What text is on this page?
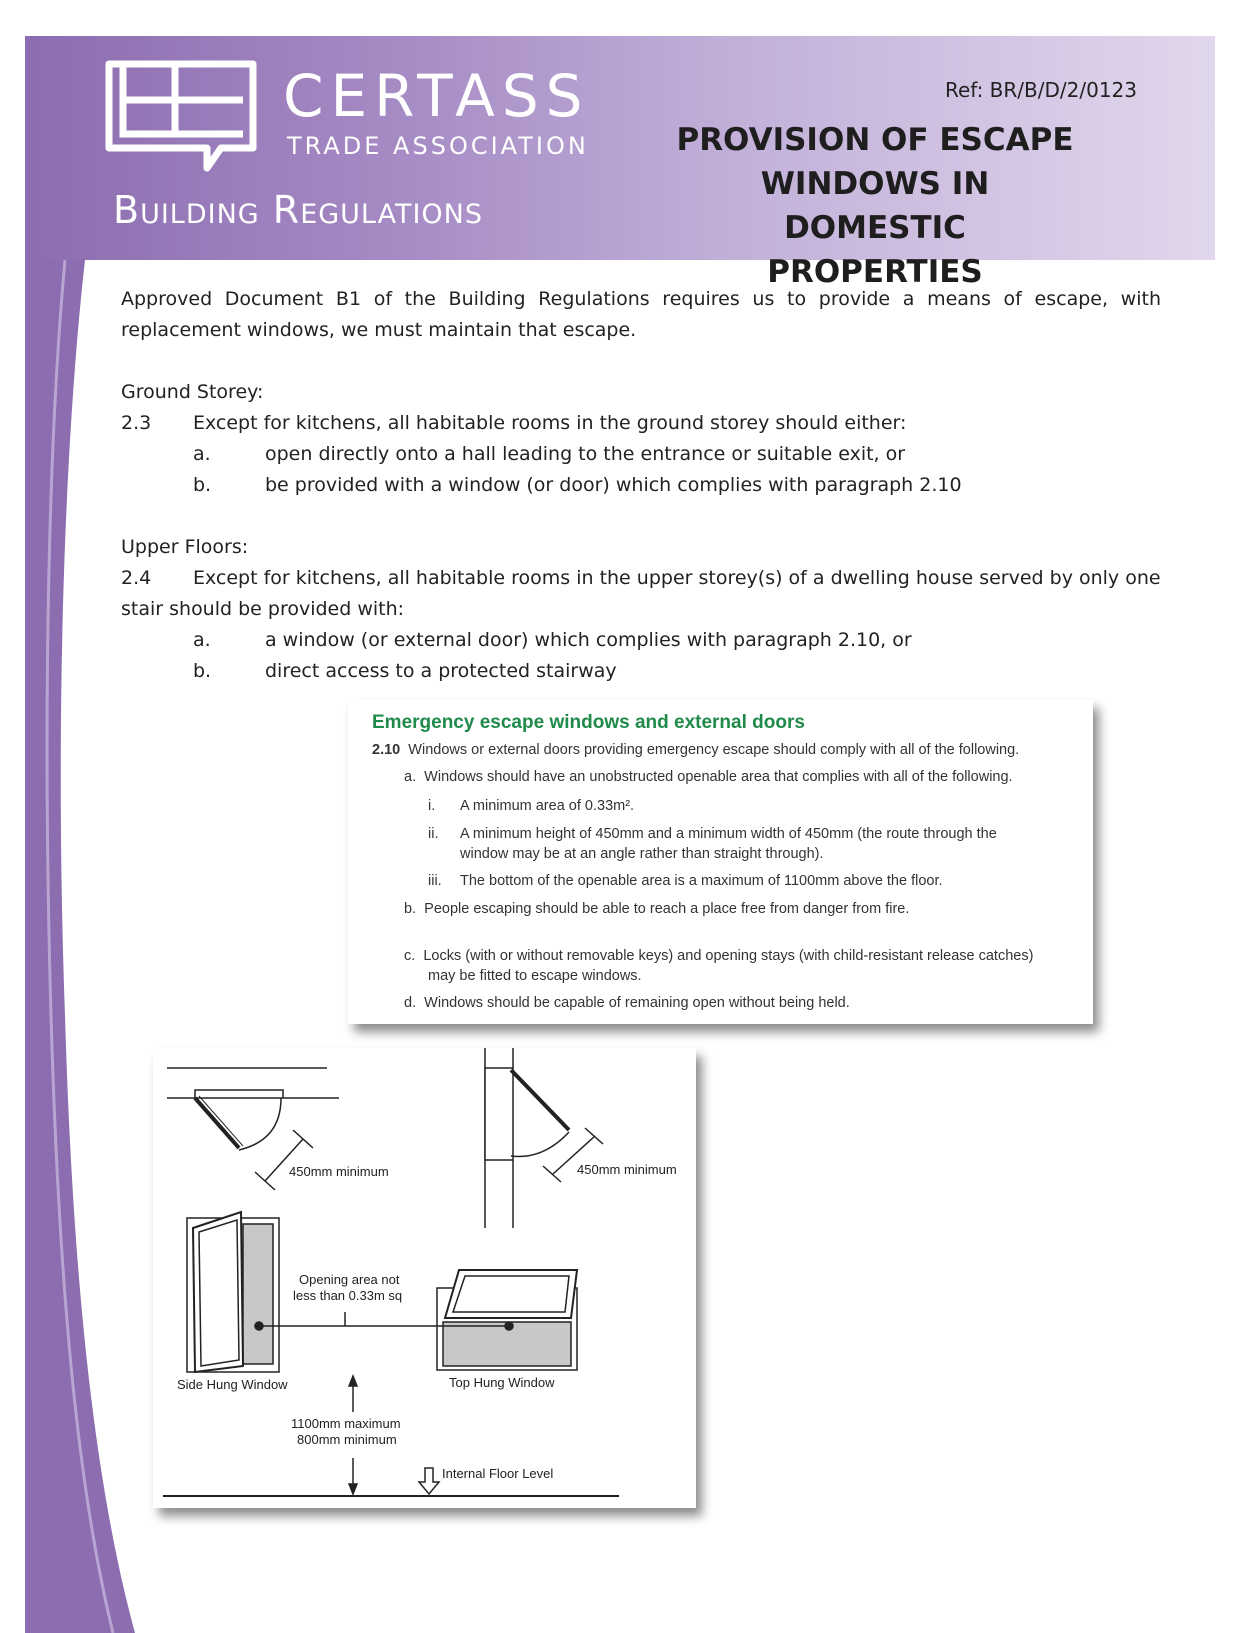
CERTASS
TRADE ASSOCIATION
Building Regulations
Ref: BR/B/D/2/0123
PROVISION OF ESCAPE WINDOWS IN DOMESTIC PROPERTIES

Approved Document B1 of the Building Regulations requires us to provide a means of escape, with replacement windows, we must maintain that escape.

Ground Storey:

2.3	Except for kitchens, all habitable rooms in the ground storey should either:
a.	open directly onto a hall leading to the entrance or suitable exit, or
b.	be provided with a window (or door) which complies with paragraph 2.10

Upper Floors:

2.4 Except for kitchens, all habitable rooms in the upper storey(s) of a dwelling house served by only one stair should be provided with:
a.	a window (or external door) which complies with paragraph 2.10, or
b.	direct access to a protected stairway
Emergency escape windows and external doors
2.10 Windows or external doors providing emergency escape should comply with all of the following.
a. Windows should have an unobstructed openable area that complies with all of the following.
i. A minimum area of 0.33m².
ii. A minimum height of 450mm and a minimum width of 450mm (the route through the
window may be at an angle rather than straight through).
iii. The bottom of the openable area is a maximum of 1100mm above the floor.
b. People escaping should be able to reach a place free from danger from fire.
c. Locks (with or without removable keys) and opening stays (with child-resistant release catches)
may be fitted to escape windows.
d. Windows should be capable of remaining open without being held.
450mm minimum	450mm minimum
Side Hung Window	Top Hung Window
Opening area not
less than 0.33m sq
1100mm maximum
800mm minimum
Internal Floor Level
